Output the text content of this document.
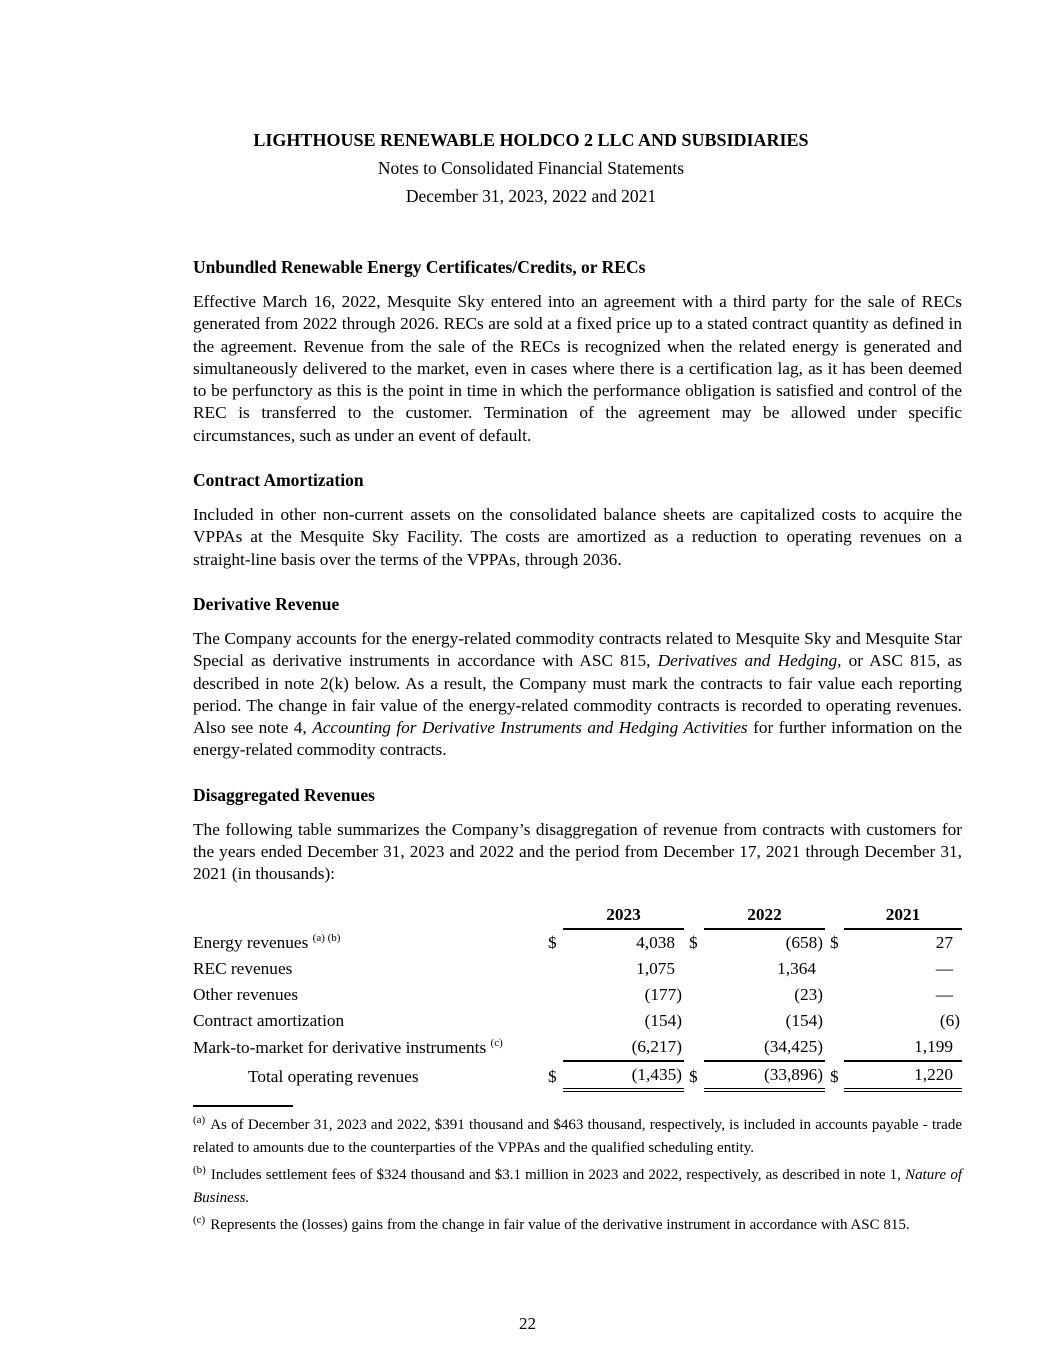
LIGHTHOUSE RENEWABLE HOLDCO 2 LLC AND SUBSIDIARIES
Notes to Consolidated Financial Statements
December 31, 2023, 2022 and 2021
Unbundled Renewable Energy Certificates/Credits, or RECs

Effective March 16, 2022, Mesquite Sky entered into an agreement with a third party for the sale of RECs generated from 2022 through 2026. RECs are sold at a fixed price up to a stated contract quantity as defined in the agreement. Revenue from the sale of the RECs is recognized when the related energy is generated and simultaneously delivered to the market, even in cases where there is a certification lag, as it has been deemed to be perfunctory as this is the point in time in which the performance obligation is satisfied and control of the REC is transferred to the customer. Termination of the agreement may be allowed under specific circumstances, such as under an event of default.

Contract Amortization

Included in other non-current assets on the consolidated balance sheets are capitalized costs to acquire the VPPAs at the Mesquite Sky Facility. The costs are amortized as a reduction to operating revenues on a straight-line basis over the terms of the VPPAs, through 2036.

Derivative Revenue

The Company accounts for the energy-related commodity contracts related to Mesquite Sky and Mesquite Star Special as derivative instruments in accordance with ASC 815, Derivatives and Hedging, or ASC 815, as described in note 2(k) below. As a result, the Company must mark the contracts to fair value each reporting period. The change in fair value of the energy-related commodity contracts is recorded to operating revenues. Also see note 4, Accounting for Derivative Instruments and Hedging Activities for further information on the energy-related commodity contracts.

Disaggregated Revenues

The following table summarizes the Company’s disaggregation of revenue from contracts with customers for the years ended December 31, 2023 and 2022 and the period from December 17, 2021 through December 31, 2021 (in thousands):

		2023		2022		2021
Energy revenues $^{(a) (b)}$	$	4,038	$	(658)	$	27
REC revenues		1,075		1,364		—
Other revenues		(177)		(23)		—
Contract amortization		(154)		(154)		(6)
Mark-to-market for derivative instruments $^{(c)}$		(6,217)		(34,425)		1,199
Total operating revenues	$	(1,435)	$	(33,896)	$	1,220

$^{(a)}$ As of December 31, 2023 and 2022, $391 thousand and $463 thousand, respectively, is included in accounts payable - trade related to amounts due to the counterparties of the VPPAs and the qualified scheduling entity.

$^{(b)}$ Includes settlement fees of $324 thousand and $3.1 million in 2023 and 2022, respectively, as described in note 1, Nature of Business.

$^{(c)}$ Represents the (losses) gains from the change in fair value of the derivative instrument in accordance with ASC 815.

22
